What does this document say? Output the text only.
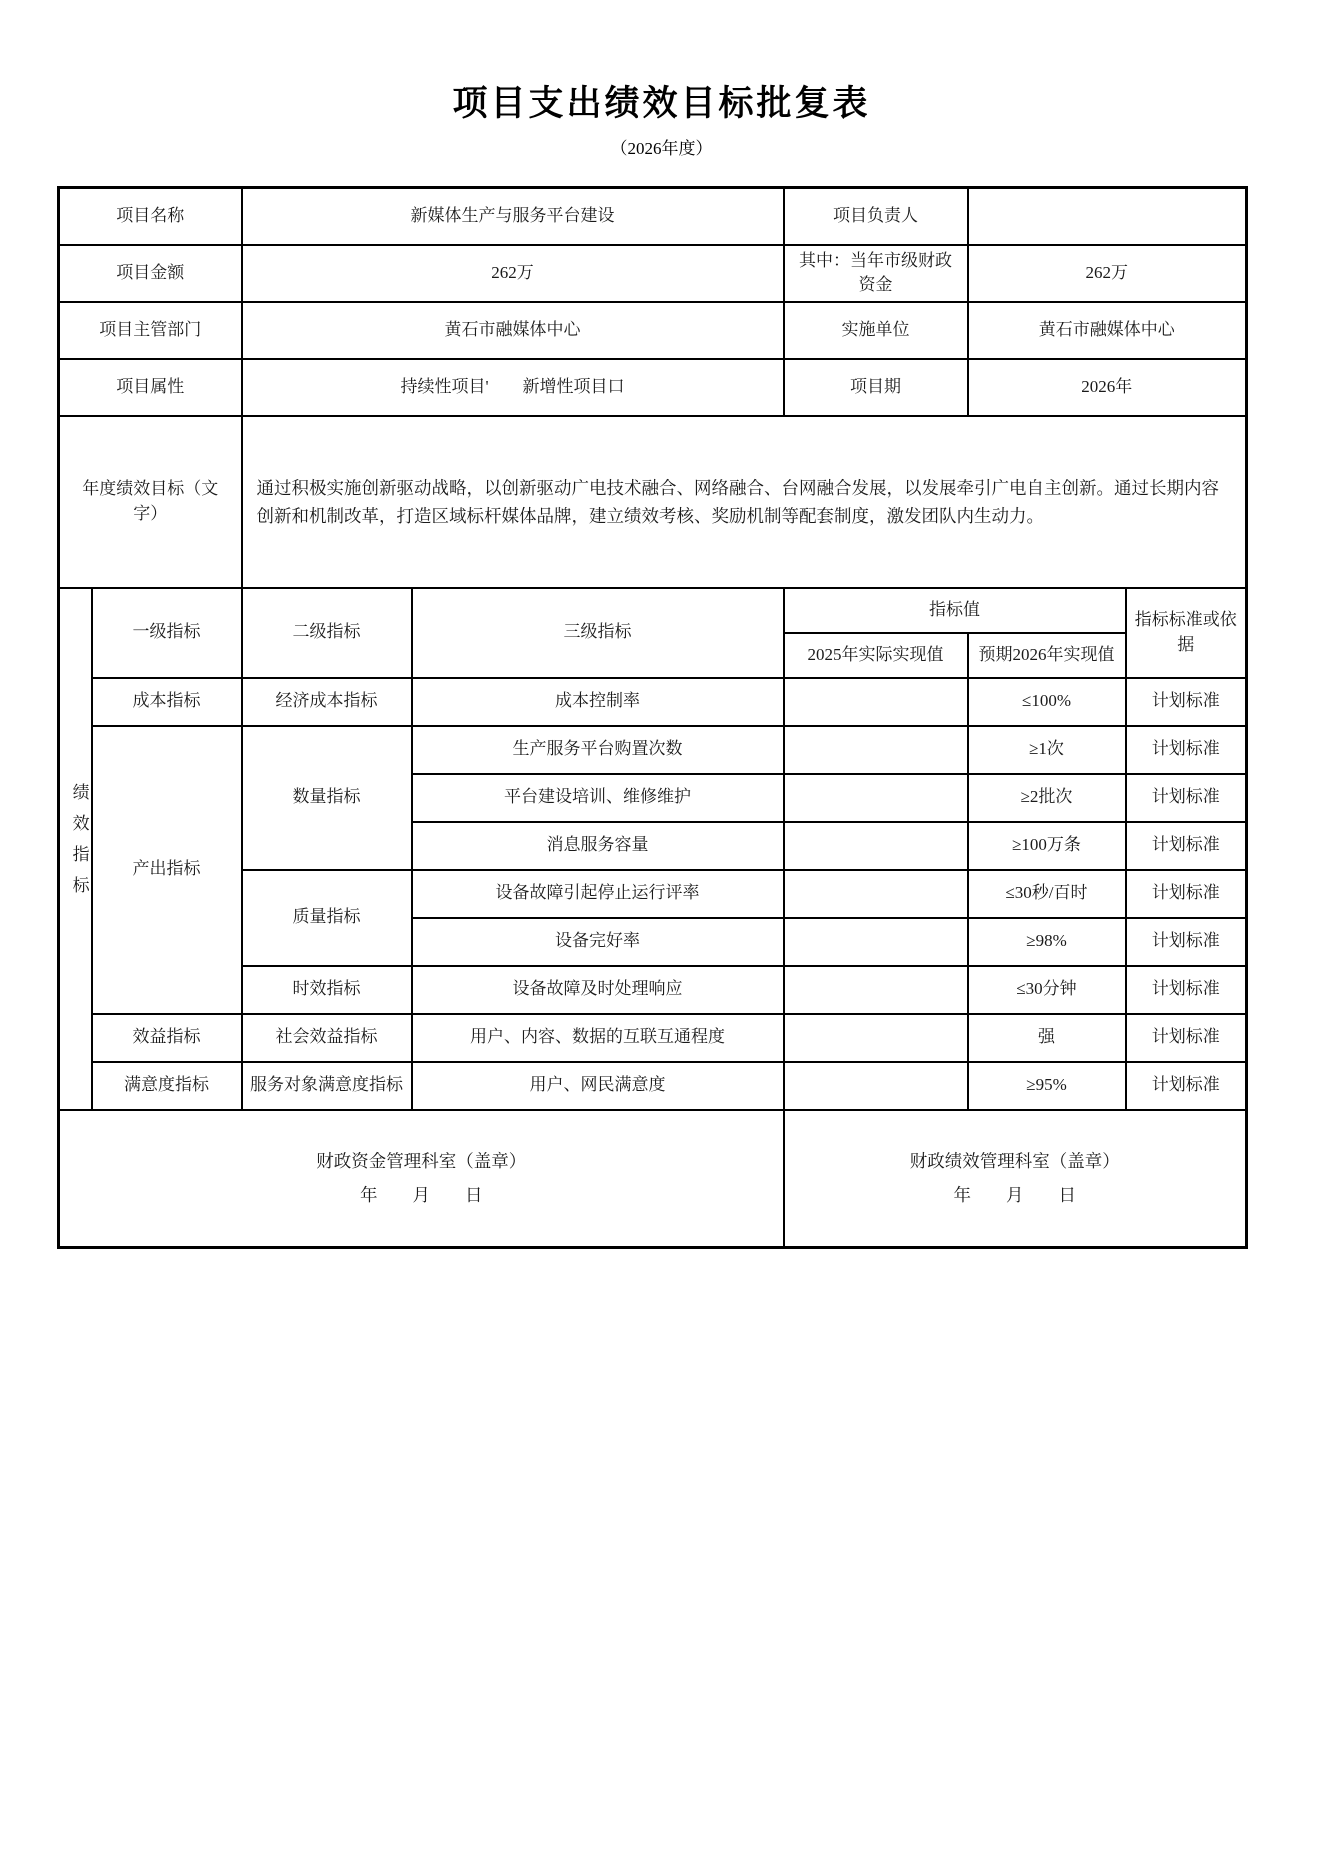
项目支出绩效目标批复表
（2026年度）
项目名称		新媒体生产与服务平台建设		项目负责人		
项目金额		262万		其中：当年市级财政资金	262万	
项目主管部门		黄石市融媒体中心		实施单位	黄石市融媒体中心	
项目属性		持续性项目'　　新增性项目口		项目期	2026年	
年度绩效目标（文字）		通过积极实施创新驱动战略，以创新驱动广电技术融合、网络融合、台网融合发展，以发展牵引广电自主创新。通过长期内容创新和机制改革，打造区域标杆媒体品牌，建立绩效考核、奖励机制等配套制度，激发团队内生动力。				
绩效指标	一级指标	二级指标	三级指标	指标值		指标标准或依据
				2025年实际实现值	预期2026年实现值	
	成本指标	经济成本指标	成本控制率		≤100%	计划标准
	产出指标	数量指标	生产服务平台购置次数		≥1次	计划标准
			平台建设培训、维修维护		≥2批次	计划标准
			消息服务容量		≥100万条	计划标准
		质量指标	设备故障引起停止运行评率		≤30秒/百时	计划标准
			设备完好率		≥98%	计划标准
		时效指标	设备故障及时处理响应		≤30分钟	计划标准
	效益指标	社会效益指标	用户、内容、数据的互联互通程度		强	计划标准
	满意度指标	服务对象满意度指标	用户、网民满意度		≥95%	计划标准

财政资金管理科室（盖章）
年　　月　　日

财政绩效管理科室（盖章）
年　　月　　日
